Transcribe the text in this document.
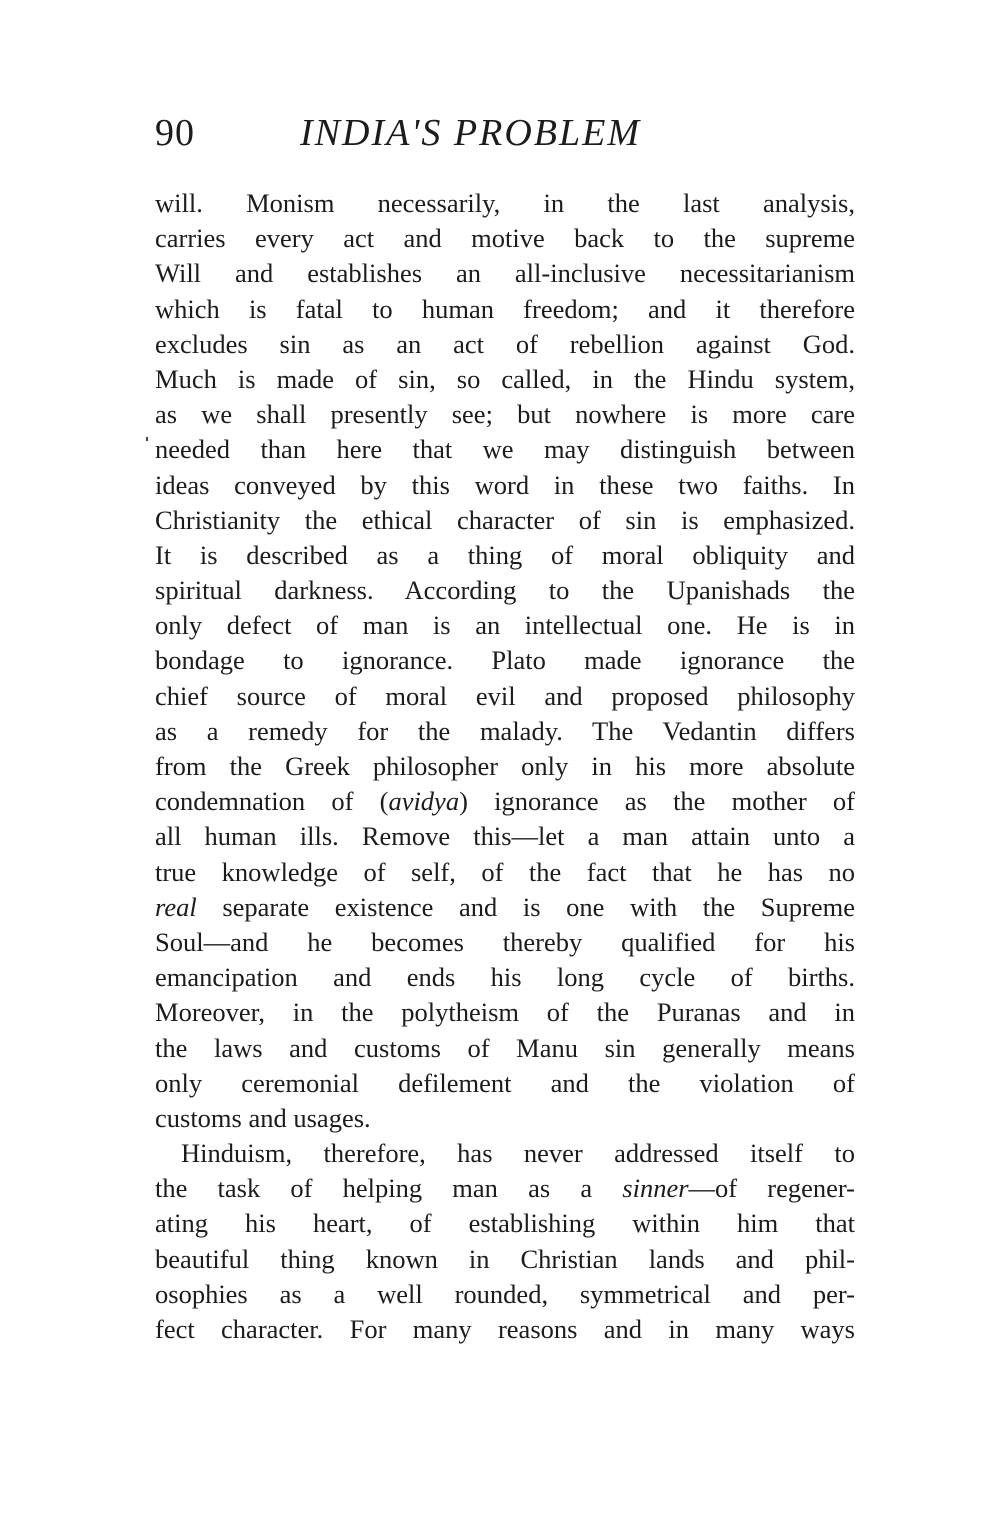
90	INDIA'S PROBLEM
will. Monism necessarily, in the last analysis,
carries every act and motive back to the supreme
Will and establishes an all-inclusive necessitarianism
which is fatal to human freedom; and it therefore
excludes sin as an act of rebellion against God.
Much is made of sin, so called, in the Hindu system,
as we shall presently see; but nowhere is more care
needed than here that we may distinguish between
ideas conveyed by this word in these two faiths. In
Christianity the ethical character of sin is emphasized.
It is described as a thing of moral obliquity and
spiritual darkness. According to the Upanishads the
only defect of man is an intellectual one. He is in
bondage to ignorance. Plato made ignorance the
chief source of moral evil and proposed philosophy
as a remedy for the malady. The Vedantin differs
from the Greek philosopher only in his more absolute
condemnation of (avidya) ignorance as the mother of
all human ills. Remove this—let a man attain unto a
true knowledge of self, of the fact that he has no
real separate existence and is one with the Supreme
Soul—and he becomes thereby qualified for his
emancipation and ends his long cycle of births.
Moreover, in the polytheism of the Puranas and in
the laws and customs of Manu sin generally means
only ceremonial defilement and the violation of
customs and usages.
Hinduism, therefore, has never addressed itself to
the task of helping man as a sinner—of regener-
ating his heart, of establishing within him that
beautiful thing known in Christian lands and phil-
osophies as a well rounded, symmetrical and per-
fect character. For many reasons and in many ways
